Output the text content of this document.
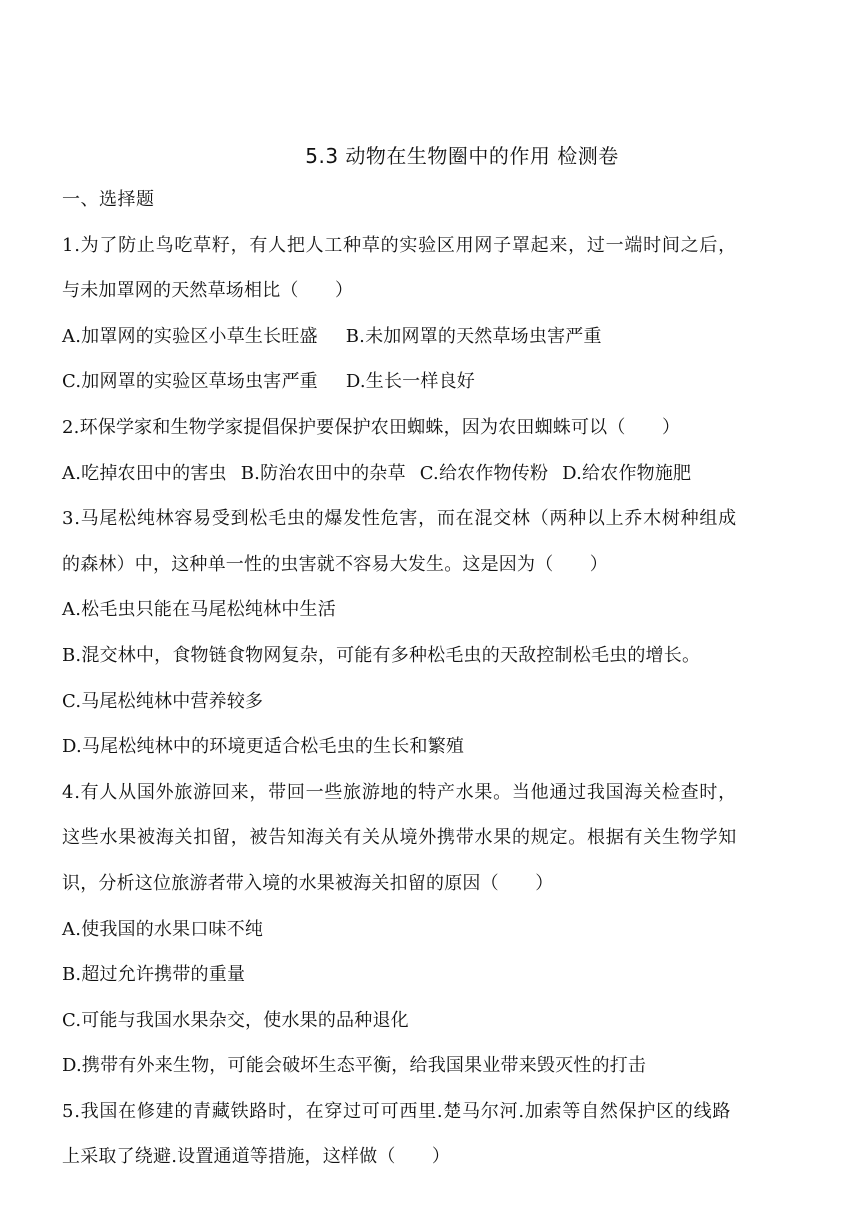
5.3 动物在生物圈中的作用 检测卷
一、选择题
1.为了防止鸟吃草籽，有人把人工种草的实验区用网子罩起来，过一端时间之后，
与未加罩网的天然草场相比（　　）
A.加罩网的实验区小草生长旺盛 B.未加网罩的天然草场虫害严重
C.加网罩的实验区草场虫害严重 D.生长一样良好
2.环保学家和生物学家提倡保护要保护农田蜘蛛，因为农田蜘蛛可以（　　）
A.吃掉农田中的害虫 B.防治农田中的杂草 C.给农作物传粉 D.给农作物施肥
3.马尾松纯林容易受到松毛虫的爆发性危害，而在混交林（两种以上乔木树种组成
的森林）中，这种单一性的虫害就不容易大发生。这是因为（　　）
A.松毛虫只能在马尾松纯林中生活
B.混交林中，食物链食物网复杂，可能有多种松毛虫的天敌控制松毛虫的增长。
C.马尾松纯林中营养较多
D.马尾松纯林中的环境更适合松毛虫的生长和繁殖
4.有人从国外旅游回来，带回一些旅游地的特产水果。当他通过我国海关检查时，
这些水果被海关扣留，被告知海关有关从境外携带水果的规定。根据有关生物学知
识，分析这位旅游者带入境的水果被海关扣留的原因（　　）
A.使我国的水果口味不纯
B.超过允许携带的重量
C.可能与我国水果杂交，使水果的品种退化
D.携带有外来生物，可能会破坏生态平衡，给我国果业带来毁灭性的打击
5.我国在修建的青藏铁路时，在穿过可可西里.楚马尔河.加索等自然保护区的线路
上采取了绕避.设置通道等措施，这样做（　　）
